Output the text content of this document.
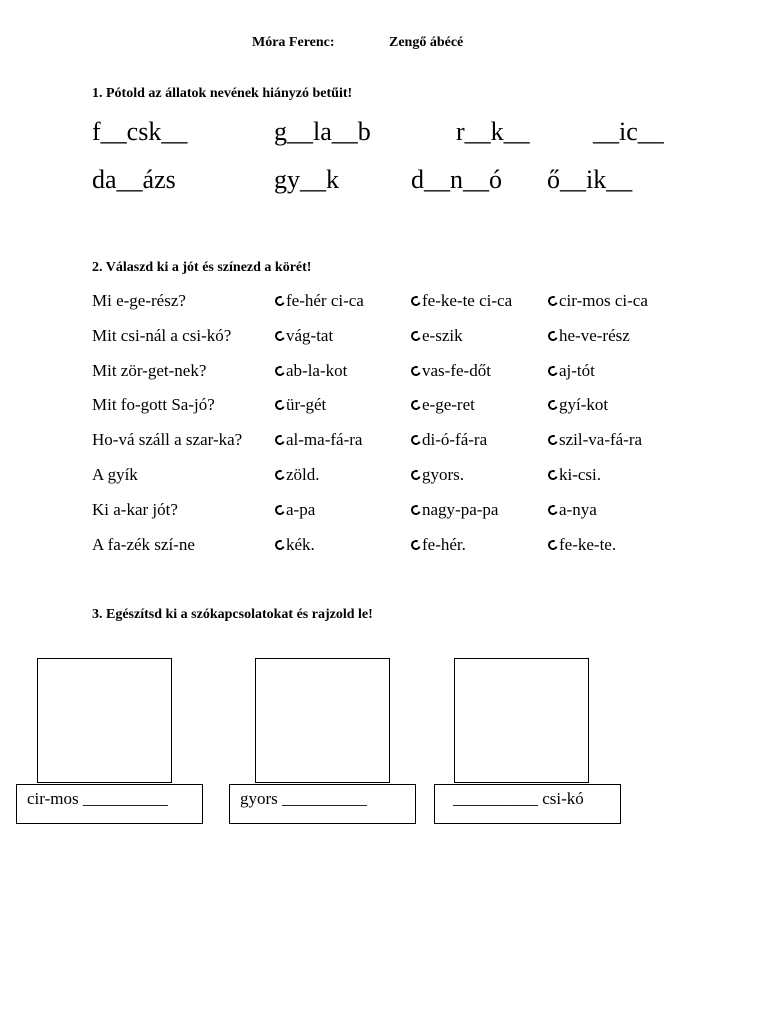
Móra Ferenc:	Zengő ábécé
1. Pótold az állatok nevének hiányzó betűit!
f__csk__	g__la__b	r__k__ __ic__
da__ázs	gy__k	d__n__ó ő__ik__
2. Válaszd ki a jót és színezd a körét!
Mi e-ge-rész?	fe-hér ci-ca	fe-ke-te ci-ca	cir-mos ci-ca
Mit csi-nál a csi-kó?	vág-tat	e-szik	he-ve-rész
Mit zör-get-nek?	ab-la-kot	vas-fe-dőt	aj-tót
Mit fo-gott Sa-jó?	ür-gét	e-ge-ret	gyí-kot
Ho-vá száll a szar-ka?	al-ma-fá-ra	di-ó-fá-ra	szil-va-fá-ra
A gyík	zöld.	gyors.	ki-csi.
Ki a-kar jót?	a-pa	nagy-pa-pa	a-nya
A fa-zék szí-ne	kék.	fe-hér.	fe-ke-te.
3. Egészítsd ki a szókapcsolatokat és rajzold le!
cir-mos __________	gyors __________	__________ csi-kó
